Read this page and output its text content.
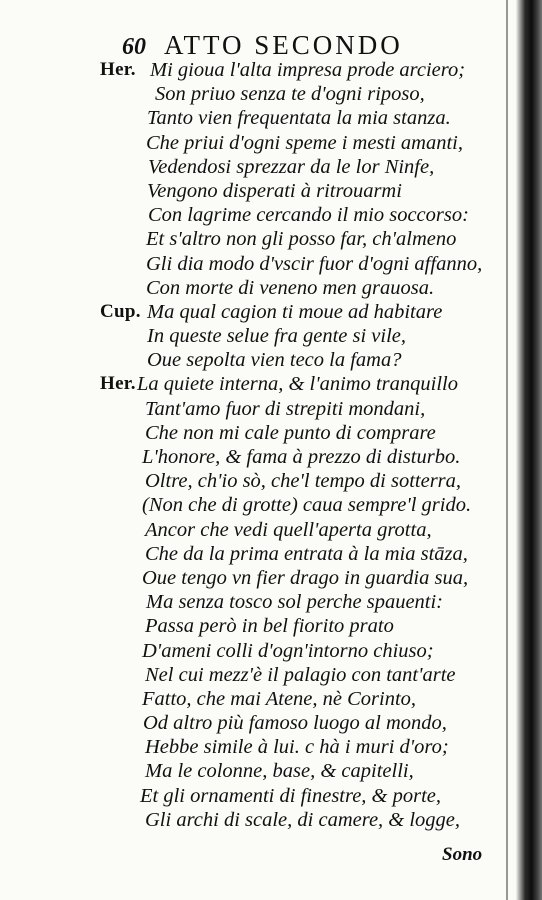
60 ATTO SECONDO
Her. Mi gioua l'alta impresa prode arciero;
Son priuo senza te d'ogni riposo,
Tanto vien frequentata la mia stanza.
Che priui d'ogni speme i mesti amanti,
Vedendosi sprezzar da le lor Ninfe,
Vengono disperati à ritrouarmi
Con lagrime cercando il mio soccorso:
Et s'altro non gli posso far, ch'almeno
Gli dia modo d'vscir fuor d'ogni affanno,
Con morte di veneno men grauosa.
Cup. Ma qual cagion ti moue ad habitare
In queste selue fra gente si vile,
Oue sepolta vien teco la fama?
Her. La quiete interna, & l'animo tranquillo
Tant'amo fuor di strepiti mondani,
Che non mi cale punto di comprare
L'honore, & fama à prezzo di disturbo.
Oltre, ch'io sò, che'l tempo di sotterra,
(Non che di grotte) caua sempre'l grido.
Ancor che vedi quell'aperta grotta,
Che da la prima entrata à la mia stāza,
Oue tengo vn fier drago in guardia sua,
Ma senza tosco sol perche spauenti:
Passa però in bel fiorito prato
D'ameni colli d'ogn'intorno chiuso;
Nel cui mezz'è il palagio con tant'arte
Fatto, che mai Atene, nè Corinto,
Od altro più famoso luogo al mondo,
Hebbe simile à lui. c hà i muri d'oro;
Ma le colonne, base, & capitelli,
Et gli ornamenti di finestre, & porte,
Gli archi di scale, di camere, & logge,
Sono
